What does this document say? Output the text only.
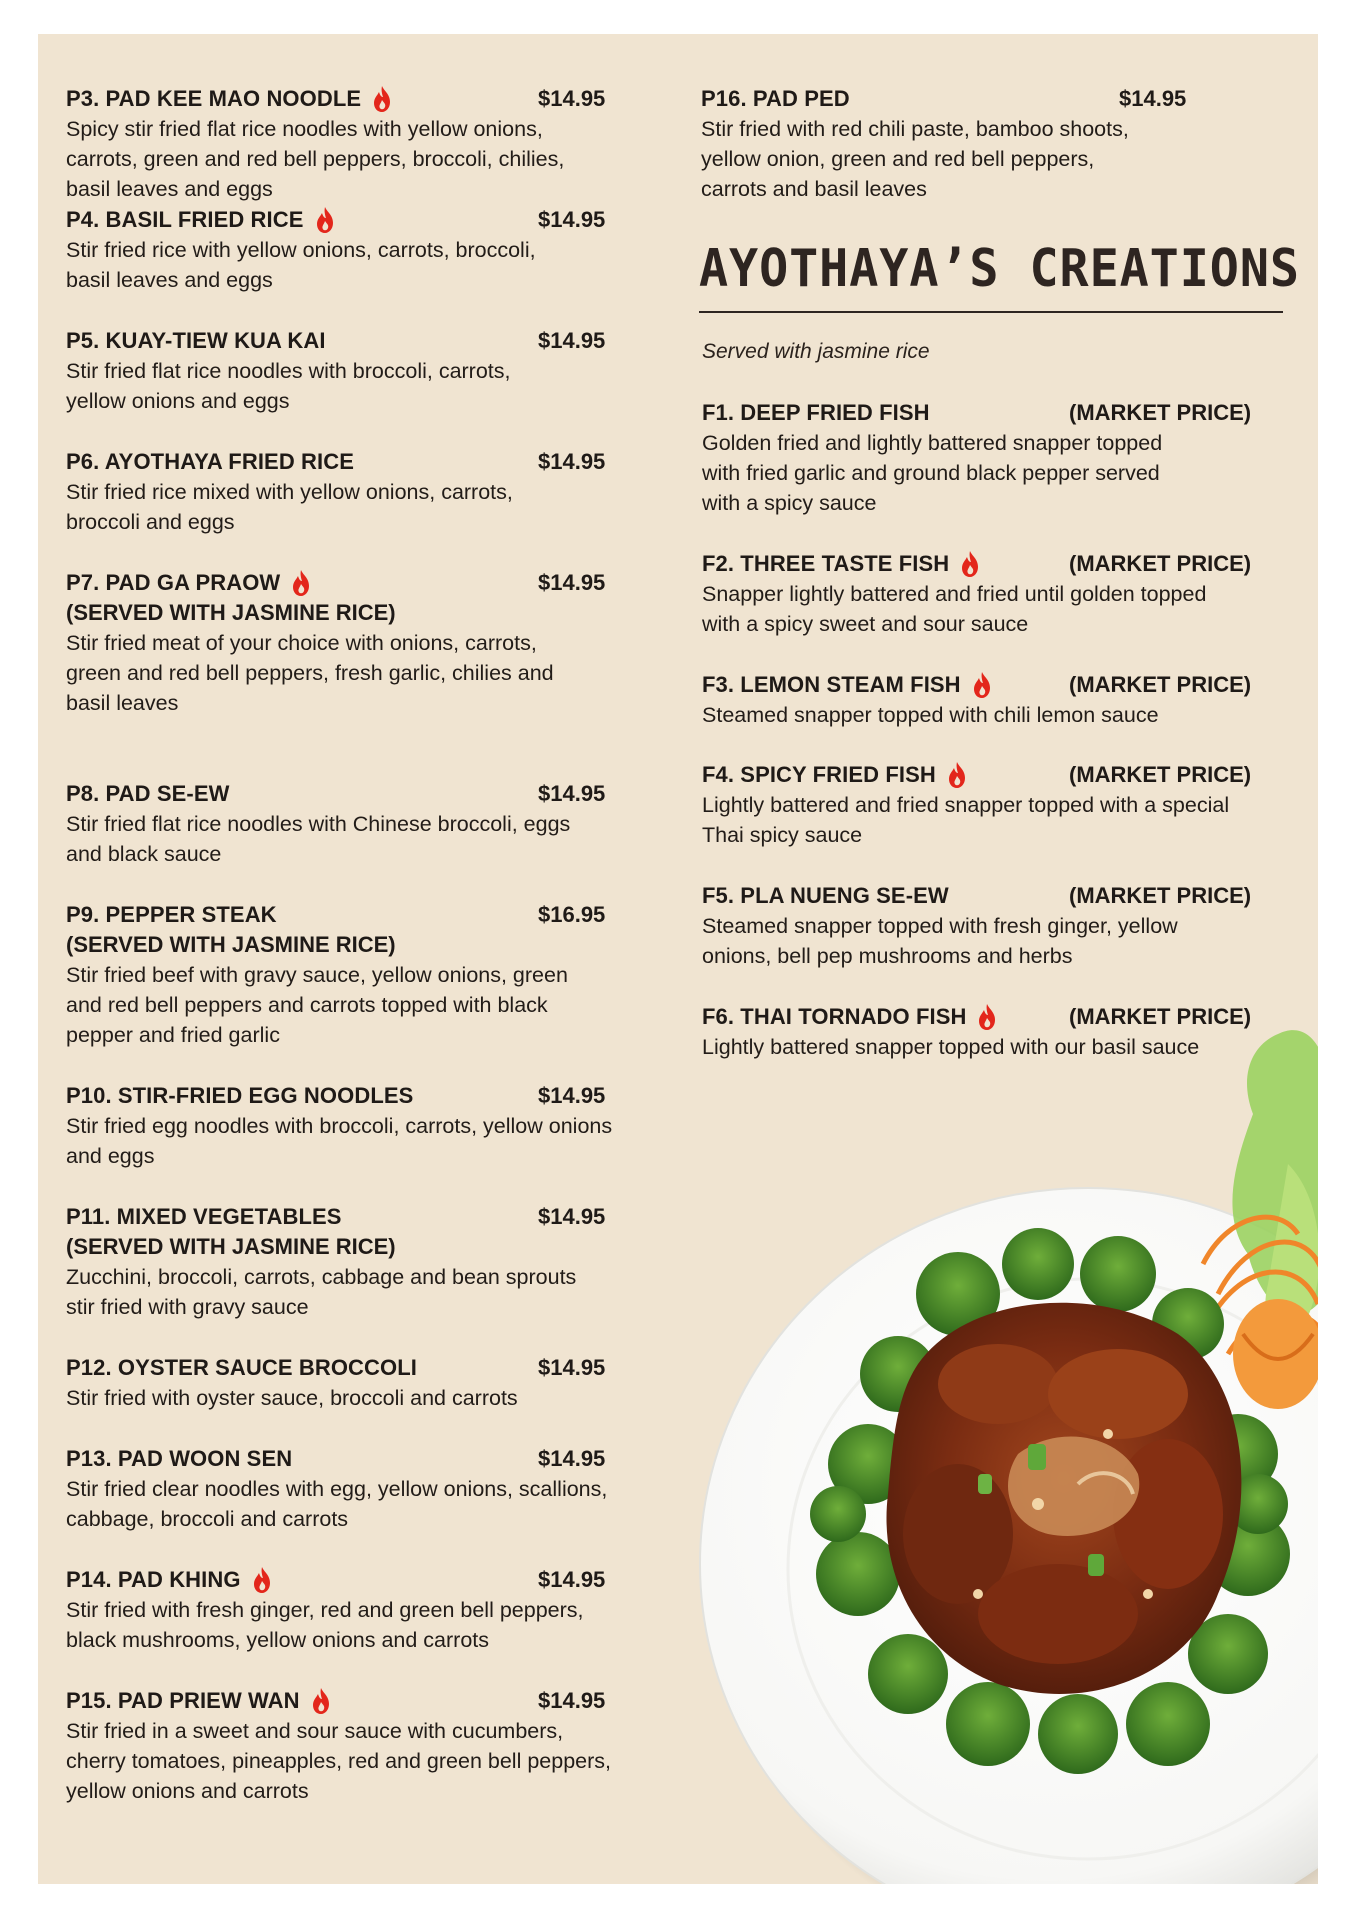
P3. PAD KEE MAO NOODLE	$14.95
Spicy stir fried flat rice noodles with yellow onions,
carrots, green and red bell peppers, broccoli, chilies,
basil leaves and eggs
P4. BASIL FRIED RICE	$14.95
Stir fried rice with yellow onions, carrots, broccoli,
basil leaves and eggs
P5. KUAY-TIEW KUA KAI	$14.95
Stir fried flat rice noodles with broccoli, carrots,
yellow onions and eggs
P6. AYOTHAYA FRIED RICE	$14.95
Stir fried rice mixed with yellow onions, carrots,
broccoli and eggs
P7. PAD GA PRAOW	$14.95
(SERVED WITH JASMINE RICE)
Stir fried meat of your choice with onions, carrots,
green and red bell peppers, fresh garlic, chilies and
basil leaves
P8. PAD SE-EW	$14.95
Stir fried flat rice noodles with Chinese broccoli, eggs
and black sauce
P9. PEPPER STEAK	$16.95
(SERVED WITH JASMINE RICE)
Stir fried beef with gravy sauce, yellow onions, green
and red bell peppers and carrots topped with black
pepper and fried garlic
P10. STIR-FRIED EGG NOODLES	$14.95
Stir fried egg noodles with broccoli, carrots, yellow onions
and eggs
P11. MIXED VEGETABLES	$14.95
(SERVED WITH JASMINE RICE)
Zucchini, broccoli, carrots, cabbage and bean sprouts
stir fried with gravy sauce
P12. OYSTER SAUCE BROCCOLI	$14.95
Stir fried with oyster sauce, broccoli and carrots
P13. PAD WOON SEN	$14.95
Stir fried clear noodles with egg, yellow onions, scallions,
cabbage, broccoli and carrots
P14. PAD KHING	$14.95
Stir fried with fresh ginger, red and green bell peppers,
black mushrooms, yellow onions and carrots
P15. PAD PRIEW WAN	$14.95
Stir fried in a sweet and sour sauce with cucumbers,
cherry tomatoes, pineapples, red and green bell peppers,
yellow onions and carrots
P16. PAD PED	$14.95
Stir fried with red chili paste, bamboo shoots,
yellow onion, green and red bell peppers,
carrots and basil leaves
F1. DEEP FRIED FISH	(MARKET PRICE)
Golden fried and lightly battered snapper topped
with fried garlic and ground black pepper served
with a spicy sauce
F2. THREE TASTE FISH	(MARKET PRICE)
Snapper lightly battered and fried until golden topped
with a spicy sweet and sour sauce
F3. LEMON STEAM FISH	(MARKET PRICE)
Steamed snapper topped with chili lemon sauce
F4. SPICY FRIED FISH	(MARKET PRICE)
Lightly battered and fried snapper topped with a special
Thai spicy sauce
F5. PLA NUENG SE-EW	(MARKET PRICE)
Steamed snapper topped with fresh ginger, yellow
onions, bell pep mushrooms and herbs
F6. THAI TORNADO FISH	(MARKET PRICE)
Lightly battered snapper topped with our basil sauce
AYOTHAYA’S CREATIONS
Served with jasmine rice
